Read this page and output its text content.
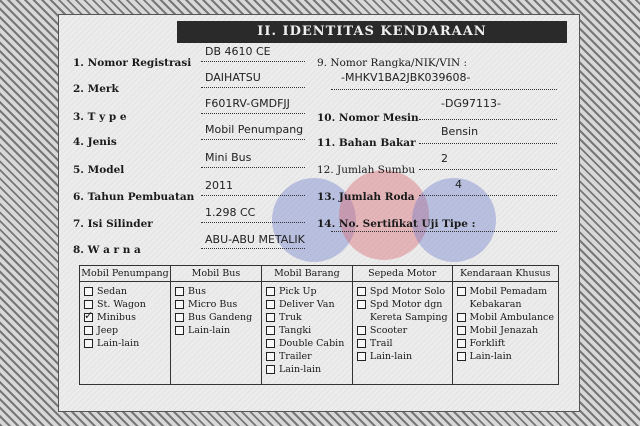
II. IDENTITAS KENDARAAN
1. Nomor Registrasi
DB 4610 CE
2. Merk
DAIHATSU
3. T y p e
F601RV-GMDFJJ
4. Jenis
Mobil Penumpang
5. Model
Mini Bus
6. Tahun Pembuatan
2011
7. Isi Silinder
1.298 CC
8. W a r n a
ABU-ABU METALIK
9. Nomor Rangka/NIK/VIN :
-MHKV1BA2JBK039608-
10. Nomor Mesin
-DG97113-
11. Bahan Bakar
Bensin
12. Jumlah Sumbu
2
13. Jumlah Roda
4
14. No. Sertifikat Uji Tipe :
Mobil Penumpang
Sedan
St. Wagon
✓
Minibus
Jeep
Lain-lain
Mobil Bus
Bus
Micro Bus
Bus Gandeng
Lain-lain
Mobil Barang
Pick Up
Deliver Van
Truk
Tangki
Double Cabin
Trailer
Lain-lain
Sepeda Motor
Spd Motor Solo
Spd Motor dgn
Kereta Samping
Scooter
Trail
Lain-lain
Kendaraan Khusus
Mobil Pemadam
Kebakaran
Mobil Ambulance
Mobil Jenazah
Forklift
Lain-lain
